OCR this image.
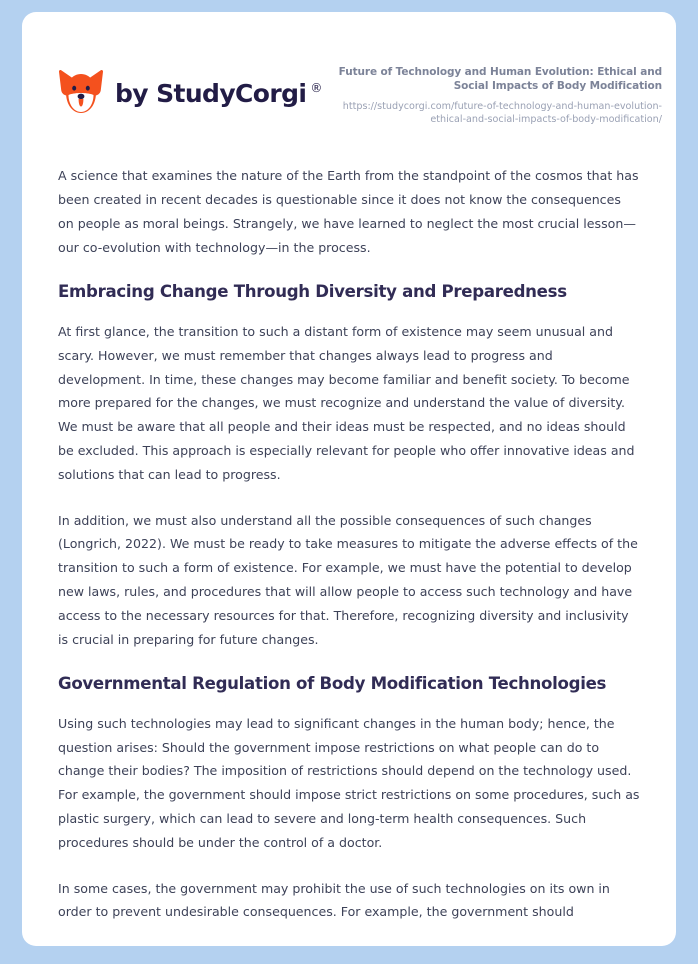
by StudyCorgi ®

Future of Technology and Human Evolution: Ethical and Social Impacts of Body Modification

https://studycorgi.com/future-of-technology-and-human-evolution-ethical-and-social-impacts-of-body-modification/

A science that examines the nature of the Earth from the standpoint of the cosmos that has been created in recent decades is questionable since it does not know the consequences on people as moral beings. Strangely, we have learned to neglect the most crucial lesson—our co-evolution with technology—in the process.

Embracing Change Through Diversity and Preparedness

At first glance, the transition to such a distant form of existence may seem unusual and scary. However, we must remember that changes always lead to progress and development. In time, these changes may become familiar and benefit society. To become more prepared for the changes, we must recognize and understand the value of diversity. We must be aware that all people and their ideas must be respected, and no ideas should be excluded. This approach is especially relevant for people who offer innovative ideas and solutions that can lead to progress.

In addition, we must also understand all the possible consequences of such changes (Longrich, 2022). We must be ready to take measures to mitigate the adverse effects of the transition to such a form of existence. For example, we must have the potential to develop new laws, rules, and procedures that will allow people to access such technology and have access to the necessary resources for that. Therefore, recognizing diversity and inclusivity is crucial in preparing for future changes.

Governmental Regulation of Body Modification Technologies

Using such technologies may lead to significant changes in the human body; hence, the question arises: Should the government impose restrictions on what people can do to change their bodies? The imposition of restrictions should depend on the technology used. For example, the government should impose strict restrictions on some procedures, such as plastic surgery, which can lead to severe and long-term health consequences. Such procedures should be under the control of a doctor.

In some cases, the government may prohibit the use of such technologies on its own in order to prevent undesirable consequences. For example, the government should
